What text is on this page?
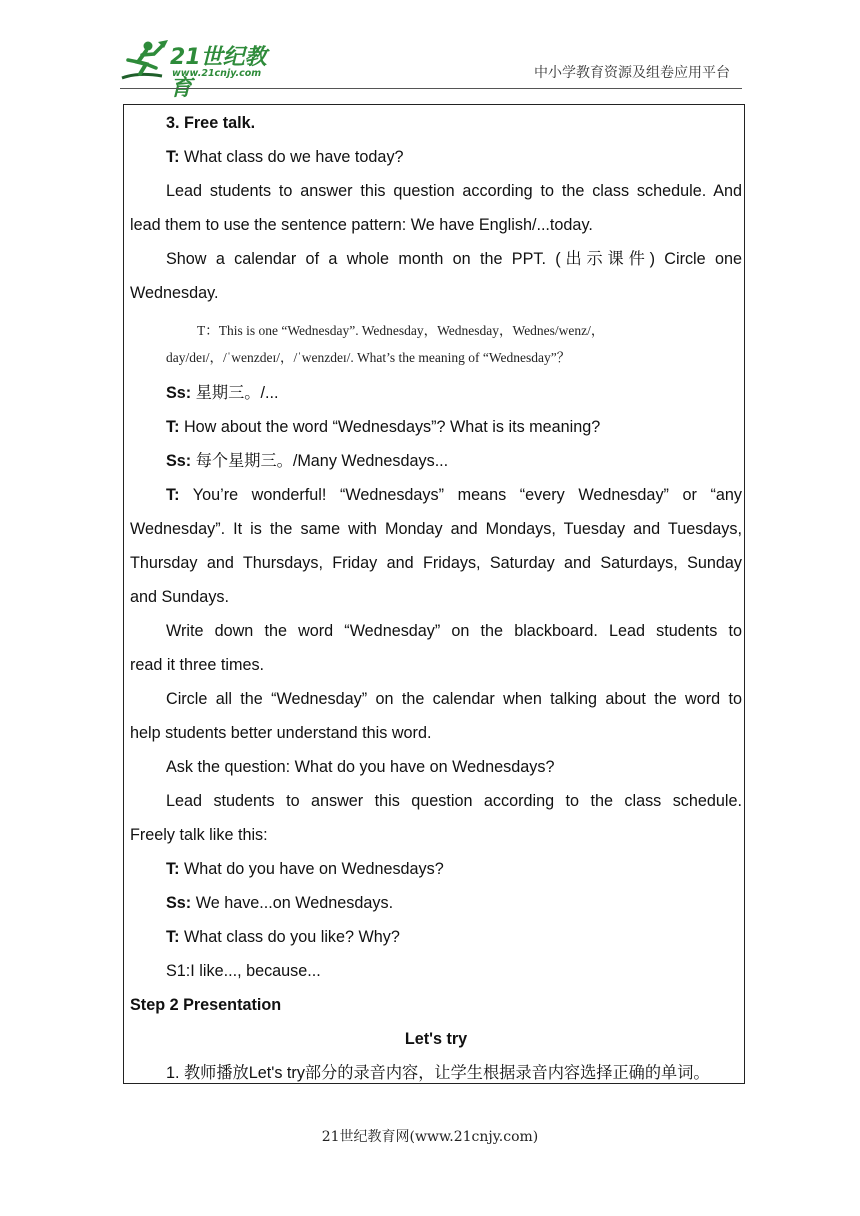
21世纪教育
www.21cnjy.com	中小学教育资源及组卷应用平台
3. Free talk.
T: What class do we have today?
Lead students to answer this question according to the class schedule. And
lead them to use the sentence pattern: We have English/...today.
Show a calendar of a whole month on the PPT. (出示课件) Circle one
Wednesday.
T：This is one “Wednesday”. Wednesday，Wednesday，Wednes/wenz/，
day/deɪ/，/ˈwenzdeɪ/，/ˈwenzdeɪ/. What’s the meaning of “Wednesday”？
Ss: 星期三。/...
T: How about the word “Wednesdays”? What is its meaning?
Ss: 每个星期三。/Many Wednesdays...
T: You’re wonderful! “Wednesdays” means “every Wednesday” or “any
Wednesday”. It is the same with Monday and Mondays, Tuesday and Tuesdays,
Thursday and Thursdays, Friday and Fridays, Saturday and Saturdays, Sunday
and Sundays.
Write down the word “Wednesday” on the blackboard. Lead students to
read it three times.
Circle all the “Wednesday” on the calendar when talking about the word to
help students better understand this word.
Ask the question: What do you have on Wednesdays?
Lead students to answer this question according to the class schedule.
Freely talk like this:
T: What do you have on Wednesdays?
Ss: We have...on Wednesdays.
T: What class do you like? Why?
S1:I like..., because...
Step 2 Presentation
Let's try
1. 教师播放Let's try部分的录音内容，让学生根据录音内容选择正确的单词。
21世纪教育网(www.21cnjy.com)
